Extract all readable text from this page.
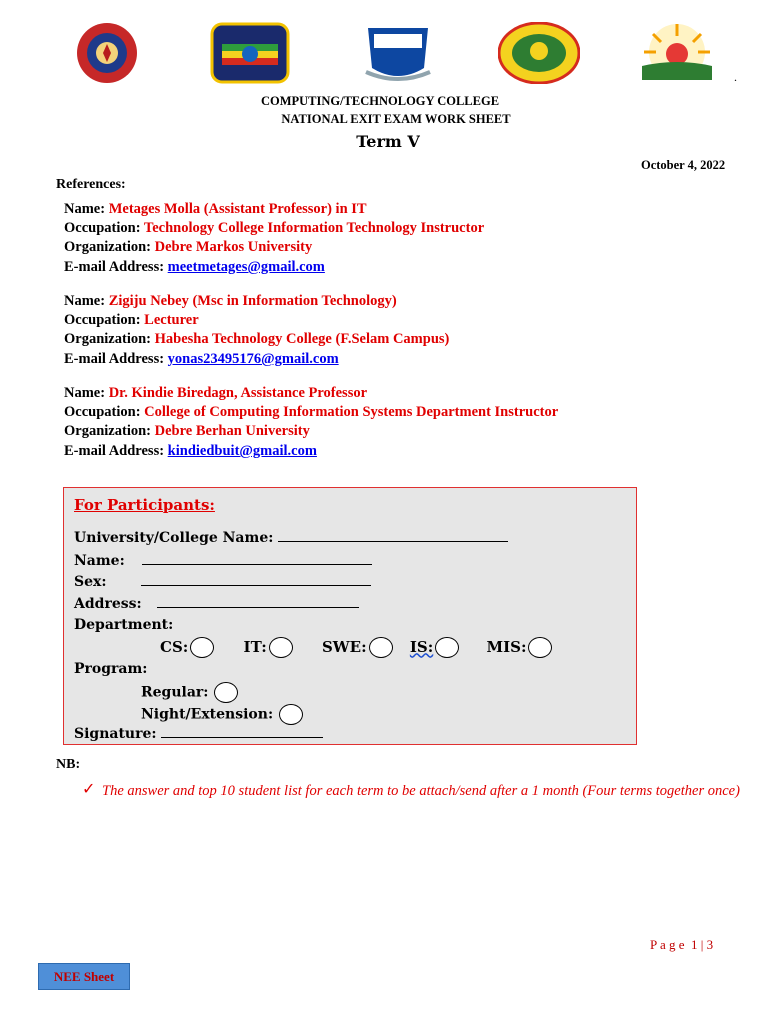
.
COMPUTING/TECHNOLOGY COLLEGE
NATIONAL EXIT EXAM WORK SHEET
Term V
October 4, 2022
References:
Name: Metages Molla (Assistant Professor) in IT
Occupation: Technology College Information Technology Instructor
Organization: Debre Markos University
E-mail Address: meetmetages@gmail.com
Name: Zigiju Nebey (Msc in Information Technology)
Occupation: Lecturer
Organization: Habesha Technology College (F.Selam Campus)
E-mail Address: yonas23495176@gmail.com
Name: Dr. Kindie Biredagn, Assistance Professor
Occupation: College of Computing Information Systems Department Instructor
Organization: Debre Berhan University
E-mail Address: kindiedbuit@gmail.com
For Participants:
University/College Name:
Name:
Sex:
Address:
Department:
CS:	IT:	SWE:	IS:	MIS:
Program:
Regular:
Night/Extension:
Signature:
NB:
✓ The answer and top 10 student list for each term to be attach/send after a 1 month (Four terms together once)
P a g e  1 | 3
NEE Sheet
